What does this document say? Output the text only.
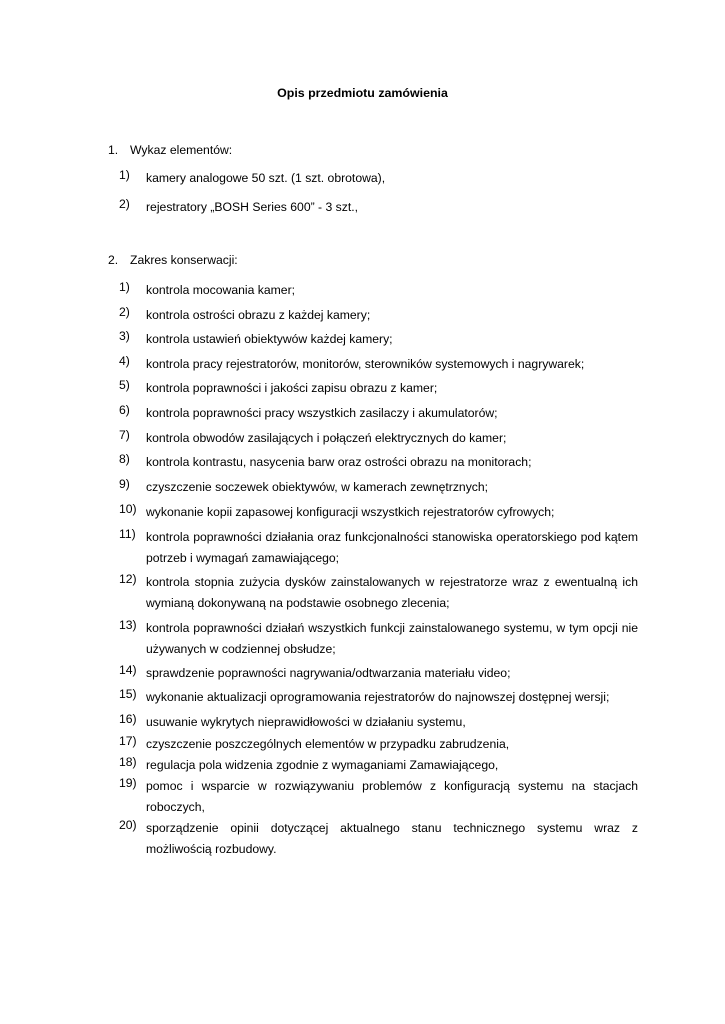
Opis przedmiotu zamówienia
1. Wykaz elementów:
1) kamery analogowe 50 szt. (1 szt. obrotowa),
2) rejestratory „BOSH Series 600” - 3 szt.,
2. Zakres konserwacji:
1) kontrola mocowania kamer;
2) kontrola ostrości obrazu z każdej kamery;
3) kontrola ustawień obiektywów każdej kamery;
4) kontrola pracy rejestratorów, monitorów, sterowników systemowych i nagrywarek;
5) kontrola poprawności i jakości zapisu obrazu z kamer;
6) kontrola poprawności pracy wszystkich zasilaczy i akumulatorów;
7) kontrola obwodów zasilających i połączeń elektrycznych do kamer;
8) kontrola kontrastu, nasycenia barw oraz ostrości obrazu na monitorach;
9) czyszczenie soczewek obiektywów, w kamerach zewnętrznych;
10) wykonanie kopii zapasowej konfiguracji wszystkich rejestratorów cyfrowych;
11) kontrola poprawności działania oraz funkcjonalności stanowiska operatorskiego pod kątem potrzeb i wymagań zamawiającego;
12) kontrola stopnia zużycia dysków zainstalowanych w rejestratorze wraz z ewentualną ich wymianą dokonywaną na podstawie osobnego zlecenia;
13) kontrola poprawności działań wszystkich funkcji zainstalowanego systemu, w tym opcji nie używanych w codziennej obsłudze;
14) sprawdzenie poprawności nagrywania/odtwarzania materiału video;
15) wykonanie aktualizacji oprogramowania rejestratorów do najnowszej dostępnej wersji;
16) usuwanie wykrytych nieprawidłowości w działaniu systemu,
17) czyszczenie poszczególnych elementów w przypadku zabrudzenia,
18) regulacja pola widzenia zgodnie z wymaganiami Zamawiającego,
19) pomoc i wsparcie w rozwiązywaniu problemów z konfiguracją systemu na stacjach roboczych,
20) sporządzenie opinii dotyczącej aktualnego stanu technicznego systemu wraz z możliwością rozbudowy.
